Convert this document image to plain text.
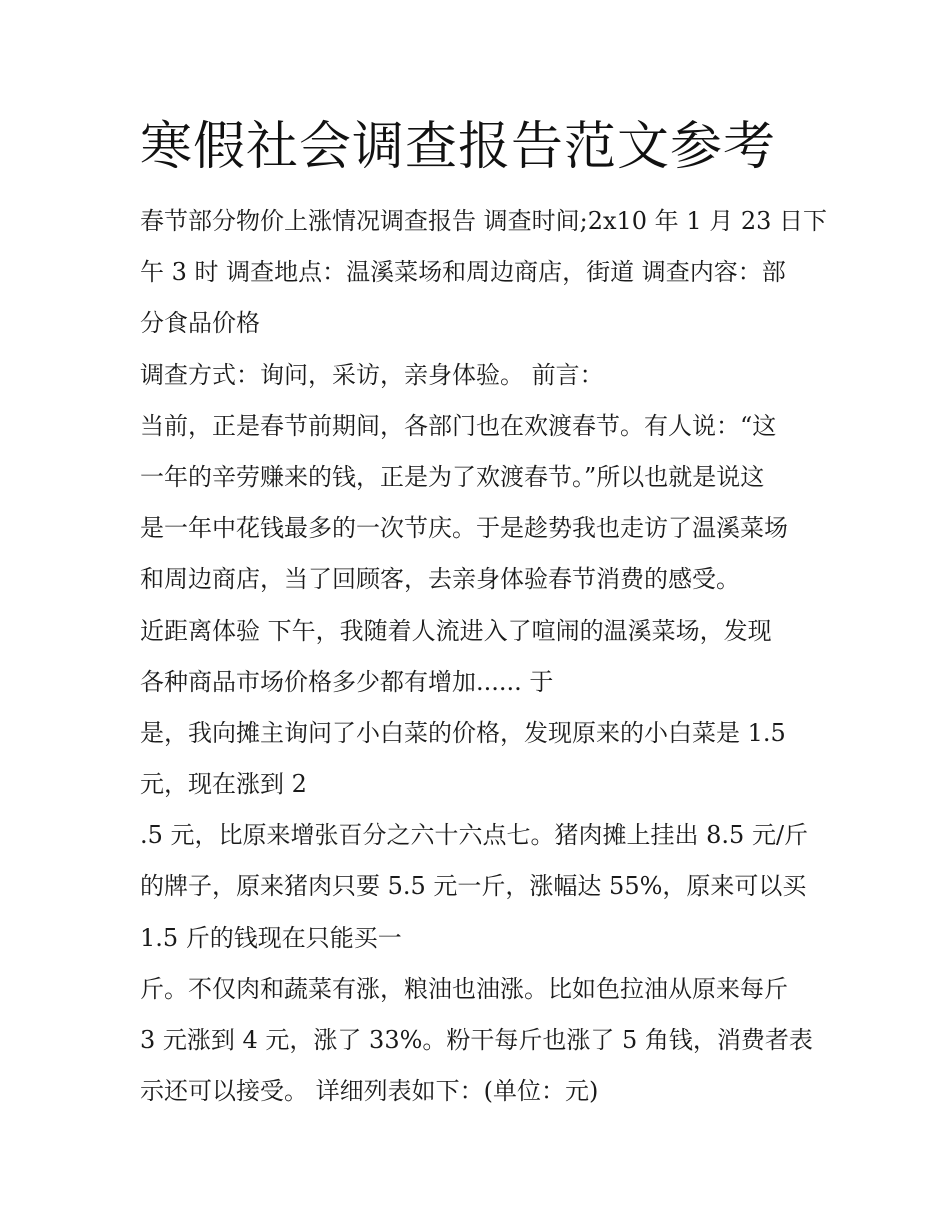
寒假社会调查报告范文参考
春节部分物价上涨情况调查报告 调查时间;2x10 年 1 月 23 日下
午 3 时 调查地点：温溪菜场和周边商店，街道 调查内容：部
分食品价格
调查方式：询问，采访，亲身体验。 前言：
当前，正是春节前期间，各部门也在欢渡春节。有人说：“这
一年的辛劳赚来的钱，正是为了欢渡春节。”所以也就是说这
是一年中花钱最多的一次节庆。于是趁势我也走访了温溪菜场
和周边商店，当了回顾客，去亲身体验春节消费的感受。
近距离体验 下午，我随着人流进入了喧闹的温溪菜场，发现
各种商品市场价格多少都有增加...... 于
是，我向摊主询问了小白菜的价格，发现原来的小白菜是 1.5
元，现在涨到 2
.5 元，比原来增张百分之六十六点七。猪肉摊上挂出 8.5 元/斤
的牌子，原来猪肉只要 5.5 元一斤，涨幅达 55%，原来可以买
1.5 斤的钱现在只能买一
斤。不仅肉和蔬菜有涨，粮油也油涨。比如色拉油从原来每斤
3 元涨到 4 元，涨了 33%。粉干每斤也涨了 5 角钱，消费者表
示还可以接受。 详细列表如下：(单位：元)
